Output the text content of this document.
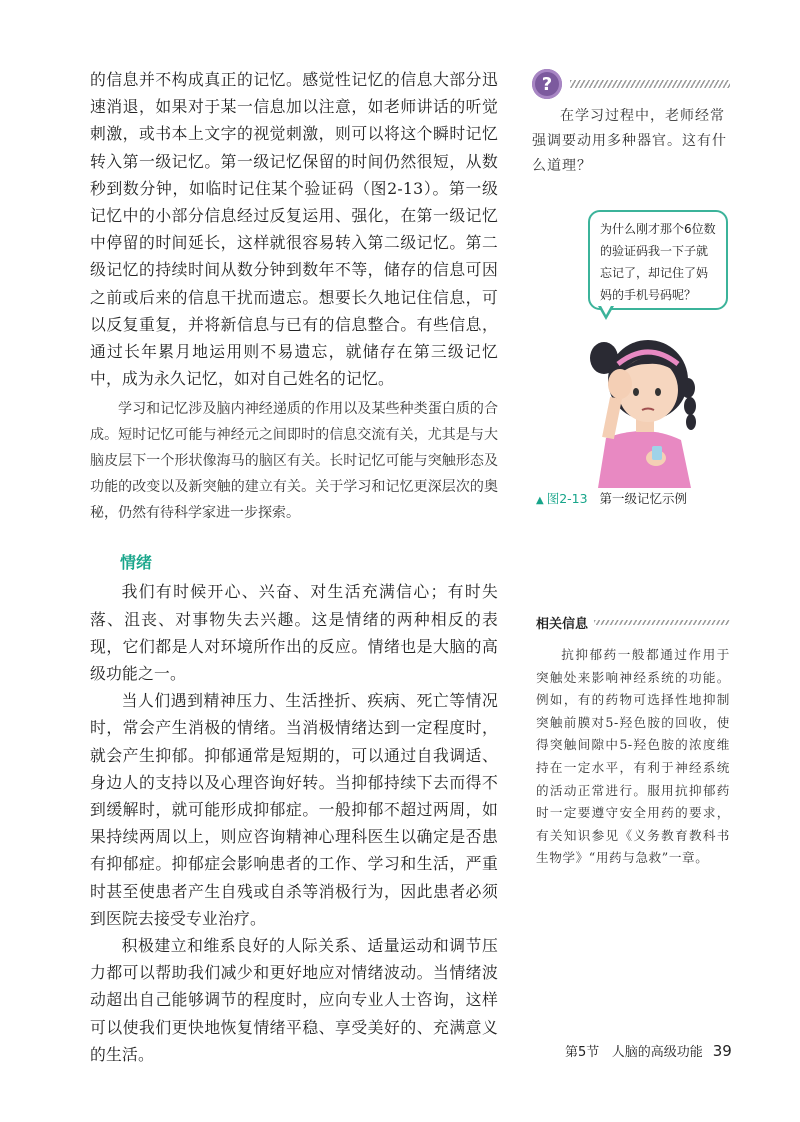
的信息并不构成真正的记忆。感觉性记忆的信息大部分迅速消退，如果对于某一信息加以注意，如老师讲话的听觉刺激，或书本上文字的视觉刺激，则可以将这个瞬时记忆转入第一级记忆。第一级记忆保留的时间仍然很短，从数秒到数分钟，如临时记住某个验证码（图2-13）。第一级记忆中的小部分信息经过反复运用、强化，在第一级记忆中停留的时间延长，这样就很容易转入第二级记忆。第二级记忆的持续时间从数分钟到数年不等，储存的信息可因之前或后来的信息干扰而遗忘。想要长久地记住信息，可以反复重复，并将新信息与已有的信息整合。有些信息，通过长年累月地运用则不易遗忘，就储存在第三级记忆中，成为永久记忆，如对自己姓名的记忆。

学习和记忆涉及脑内神经递质的作用以及某些种类蛋白质的合成。短时记忆可能与神经元之间即时的信息交流有关，尤其是与大脑皮层下一个形状像海马的脑区有关。长时记忆可能与突触形态及功能的改变以及新突触的建立有关。关于学习和记忆更深层次的奥秘，仍然有待科学家进一步探索。

情绪

我们有时候开心、兴奋、对生活充满信心；有时失落、沮丧、对事物失去兴趣。这是情绪的两种相反的表现，它们都是人对环境所作出的反应。情绪也是大脑的高级功能之一。

当人们遇到精神压力、生活挫折、疾病、死亡等情况时，常会产生消极的情绪。当消极情绪达到一定程度时，就会产生抑郁。抑郁通常是短期的，可以通过自我调适、身边人的支持以及心理咨询好转。当抑郁持续下去而得不到缓解时，就可能形成抑郁症。一般抑郁不超过两周，如果持续两周以上，则应咨询精神心理科医生以确定是否患有抑郁症。抑郁症会影响患者的工作、学习和生活，严重时甚至使患者产生自残或自杀等消极行为，因此患者必须到医院去接受专业治疗。

积极建立和维系良好的人际关系、适量运动和调节压力都可以帮助我们减少和更好地应对情绪波动。当情绪波动超出自己能够调节的程度时，应向专业人士咨询，这样可以使我们更快地恢复情绪平稳、享受美好的、充满意义的生活。

?

在学习过程中，老师经常强调要动用多种器官。这有什么道理？

为什么刚才那个6位数的验证码我一下子就忘记了，却记住了妈妈的手机号码呢？
▲ 图2-13 第一级记忆示例
相关信息

抗抑郁药一般都通过作用于突触处来影响神经系统的功能。例如，有的药物可选择性地抑制突触前膜对5-羟色胺的回收，使得突触间隙中5-羟色胺的浓度维持在一定水平，有利于神经系统的活动正常进行。服用抗抑郁药时一定要遵守安全用药的要求，有关知识参见《义务教育教科书生物学》“用药与急救”一章。

第5节 人脑的高级功能 39
